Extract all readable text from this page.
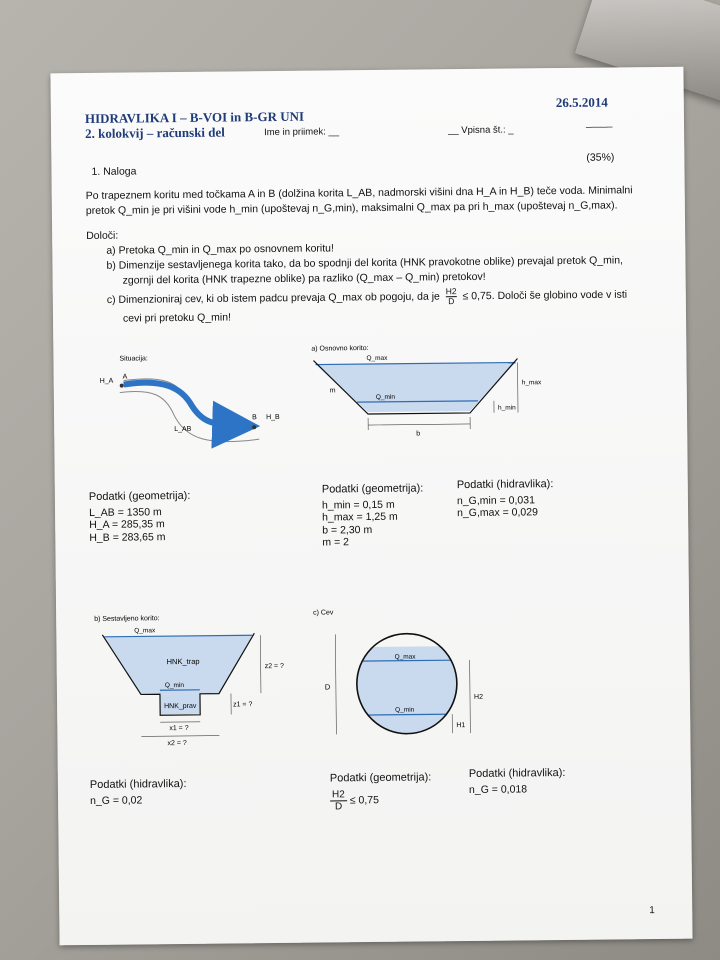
HIDRAVLIKA I – B-VOI in B-GR UNI
2. kolokvij – računski del	Ime in priimek: __	__ Vpisna št.: _
26.5.2014
_____
1. Naloga
(35%)
Po trapeznem koritu med točkama A in B (dolžina korita L_AB, nadmorski višini dna H_A in H_B) teče voda. Minimalni
pretok Q_min je pri višini vode h_min (upoštevaj n_G,min), maksimalni Q_max pa pri h_max (upoštevaj n_G,max).
Določi:
a) Pretoka Q_min in Q_max po osnovnem koritu!
b) Dimenzije sestavljenega korita tako, da bo spodnji del korita (HNK pravokotne oblike) prevajal pretok Q_min,
zgornji del korita (HNK trapezne oblike) pa razliko (Q_max – Q_min) pretokov!
c) Dimenzioniraj cev, ki ob istem padcu prevaja Q_max ob pogoju, da je $\frac{H2}{D} \le 0,75$. Določi še globino vode v isti
cevi pri pretoku Q_min!
Situacija:
H_A
A
B H_B
L_AB
a) Osnovno korito:
Q_max
Q_min
m
h_max
h_min
b
Podatki (geometrija):
L_AB = 1350 m
H_A = 285,35 m
H_B = 283,65 m
Podatki (geometrija):
h_min = 0,15 m
h_max = 1,25 m
b = 2,30 m
m = 2
Podatki (hidravlika):
n_G,min = 0,031
n_G,max = 0,029
b) Sestavljeno korito:
Q_max
HNK_trap
Q_min
HNK_prav
z2 = ?
z1 = ?
x1 = ?
x2 = ?
c) Cev
Q_max
Q_min
D
H2
H1
Podatki (hidravlika):
n_G = 0,02
Podatki (geometrija):
$\frac{H2}{D} \le 0,75$
Podatki (hidravlika):
n_G = 0,018
1
